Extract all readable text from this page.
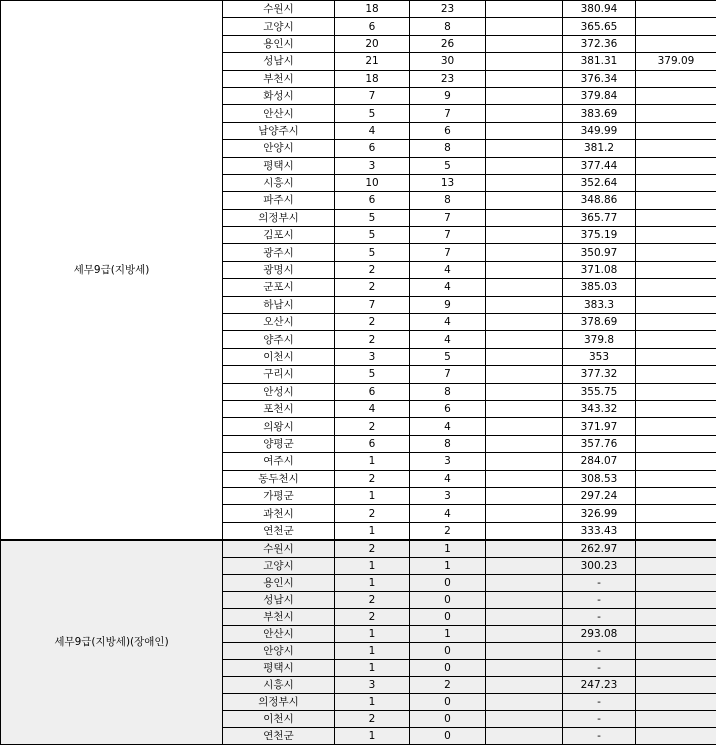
세무9급(지방세)	수원시	18	23		380.94	
	고양시	6	8		365.65	
	용인시	20	26		372.36	
	성남시	21	30		381.31	379.09
	부천시	18	23		376.34	
	화성시	7	9		379.84	
	안산시	5	7		383.69	
	남양주시	4	6		349.99	
	안양시	6	8		381.2	
	평택시	3	5		377.44	
	시흥시	10	13		352.64	
	파주시	6	8		348.86	
	의정부시	5	7		365.77	
	김포시	5	7		375.19	
	광주시	5	7		350.97	
	광명시	2	4		371.08	
	군포시	2	4		385.03	
	하남시	7	9		383.3	
	오산시	2	4		378.69	
	양주시	2	4		379.8	
	이천시	3	5		353	
	구리시	5	7		377.32	
	안성시	6	8		355.75	
	포천시	4	6		343.32	
	의왕시	2	4		371.97	
	양평군	6	8		357.76	
	여주시	1	3		284.07	
	동두천시	2	4		308.53	
	가평군	1	3		297.24	
	과천시	2	4		326.99	
	연천군	1	2		333.43	
세무9급(지방세)(장애인)	수원시	2	1		262.97	
	고양시	1	1		300.23	
	용인시	1	0		-	
	성남시	2	0		-	
	부천시	2	0		-	
	안산시	1	1		293.08	
	안양시	1	0		-	
	평택시	1	0		-	
	시흥시	3	2		247.23	
	의정부시	1	0		-	
	이천시	2	0		-	
	연천군	1	0		-	
